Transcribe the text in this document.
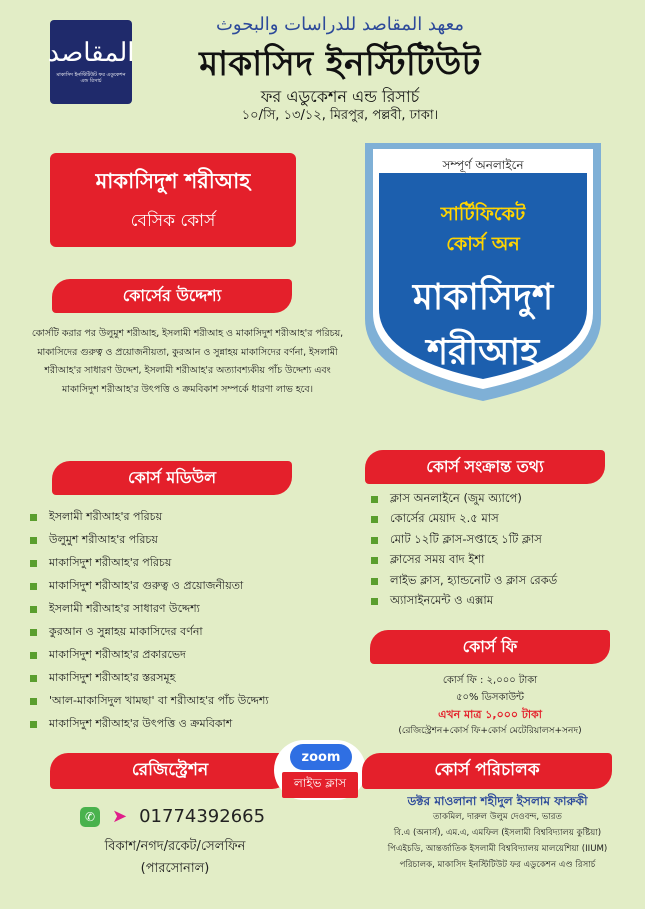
المقاصد
মাকাসিদ ইনস্টিটিউট ফর এডুকেশন এন্ড রিসার্চ
معهد المقاصد للدراسات والبحوث
মাকাসিদ ইনস্টিটিউট
ফর এডুকেশন এন্ড রিসার্চ
১০/সি, ১৩/১২, মিরপুর, পল্লবী, ঢাকা।
মাকাসিদুশ শরীআহ
বেসিক কোর্স
কোর্সের উদ্দেশ্য
কোর্সটি করার পর উলুমুশ শরীআহ, ইসলামী শরীআহ ও মাকাসিদুশ শরীআহ'র পরিচয়, মাকাসিদের গুরুত্ব ও প্রয়োজনীয়তা, কুরআন ও সুন্নাহয় মাকাসিদের বর্ণনা, ইসলামী শরীআহ'র সাধারণ উদ্দেশ, ইসলামী শরীআহ'র অত্যাবশ্যকীয় পাঁচ উদ্দেশ্য এবং মাকাসিদুশ শরীআহ'র উৎপত্তি ও ক্রমবিকাশ সম্পর্কে ধারণা লাভ হবে।
সম্পূর্ণ অনলাইনে
সার্টিফিকেট
কোর্স অন
মাকাসিদুশ
শরীআহ
কোর্স মডিউল
ইসলামী শরীআহ'র পরিচয়
উলুমুশ শরীআহ'র পরিচয়
মাকাসিদুশ শরীআহ'র পরিচয়
মাকাসিদুশ শরীআহ'র গুরুত্ব ও প্রয়োজনীয়তা
ইসলামী শরীআহ'র সাধারণ উদ্দেশ্য
কুরআন ও সুন্নাহয় মাকাসিদের বর্ণনা
মাকাসিদুশ শরীআহ'র প্রকারভেদ
মাকাসিদুশ শরীআহ'র স্তরসমূহ
'আল-মাকাসিদুল খামছা' বা শরীআহ'র পাঁচ উদ্দেশ্য
মাকাসিদুশ শরীআহ'র উৎপত্তি ও ক্রমবিকাশ
কোর্স সংক্রান্ত তথ্য
ক্লাস অনলাইনে (জুম অ্যাপে)
কোর্সের মেয়াদ ২.৫ মাস
মোট ১২টি ক্লাস-সপ্তাহে ১টি ক্লাস
ক্লাসের সময় বাদ ইশা
লাইভ ক্লাস, হ্যান্ডনোট ও ক্লাস রেকর্ড
অ্যাসাইনমেন্ট ও এক্সাম
কোর্স ফি
কোর্স ফি : ২,০০০ টাকা
৫০% ডিসকাউন্ট
এখন মাত্র ১,০০০ টাকা
(রেজিস্ট্রেশন+কোর্স ফি+কোর্স মেটেরিয়ালস+সনদ)
রেজিস্ট্রেশন
zoom
লাইভ ক্লাস
কোর্স পরিচালক
✆ ➤ 01774392665
বিকাশ/নগদ/রকেট/সেলফিন
(পারসোনাল)
ডক্টর মাওলানা শহীদুল ইসলাম ফারুকী
তাকমিল, দারুল উলুম দেওবন্দ, ভারত
বি.এ (অনার্স), এম.এ, এমফিল (ইসলামী বিশ্ববিদ্যালয় কুষ্টিয়া)
পিএইচডি, আন্তর্জাতিক ইসলামী বিশ্ববিদ্যালয় মালয়েশিয়া (IIUM)
পরিচালক, মাকাসিদ ইনস্টিটিউট ফর এডুকেশন এণ্ড রিসার্চ
